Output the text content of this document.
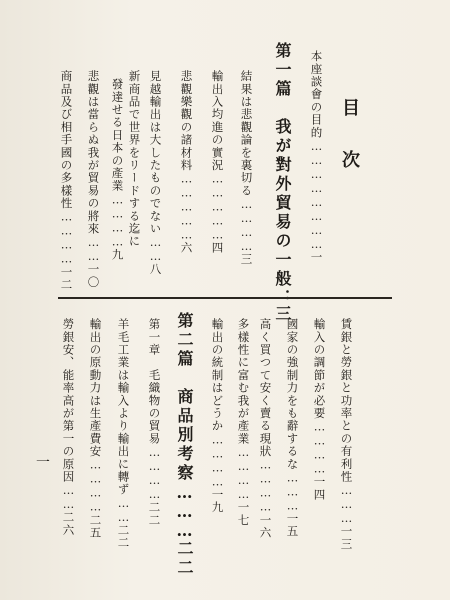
目次
本座談會の目的……………………一
第一篇　我が對外貿易の一般：三
結果は悲觀論を裏切る…………三
輸出入均進の實況……………四
悲觀樂觀の諸材料……………六
見越輸出は大したものでない……八
新商品で世界をリードする迄に
發達せる日本の產業…………九
悲觀は當らぬ我が貿易の將來……一〇
商品及び相手國の多樣性…………一二
賃銀と勞銀と功率との有利性………一三
輸入の調節が必要…………一四
國家の強制力をも辭するな………一五
高く買つて安く賣る現狀…………一六
多樣性に富む我が產業…………一七
輸出の統制はどうか…………一九
第二篇　商品別考察………二二
第一章　毛織物の貿易…………二二
羊毛工業は輸入より輸出に轉ず……二二
輸出の原動力は生產費安…………二五
勞銀安、能率高が第一の原因……二六
一
